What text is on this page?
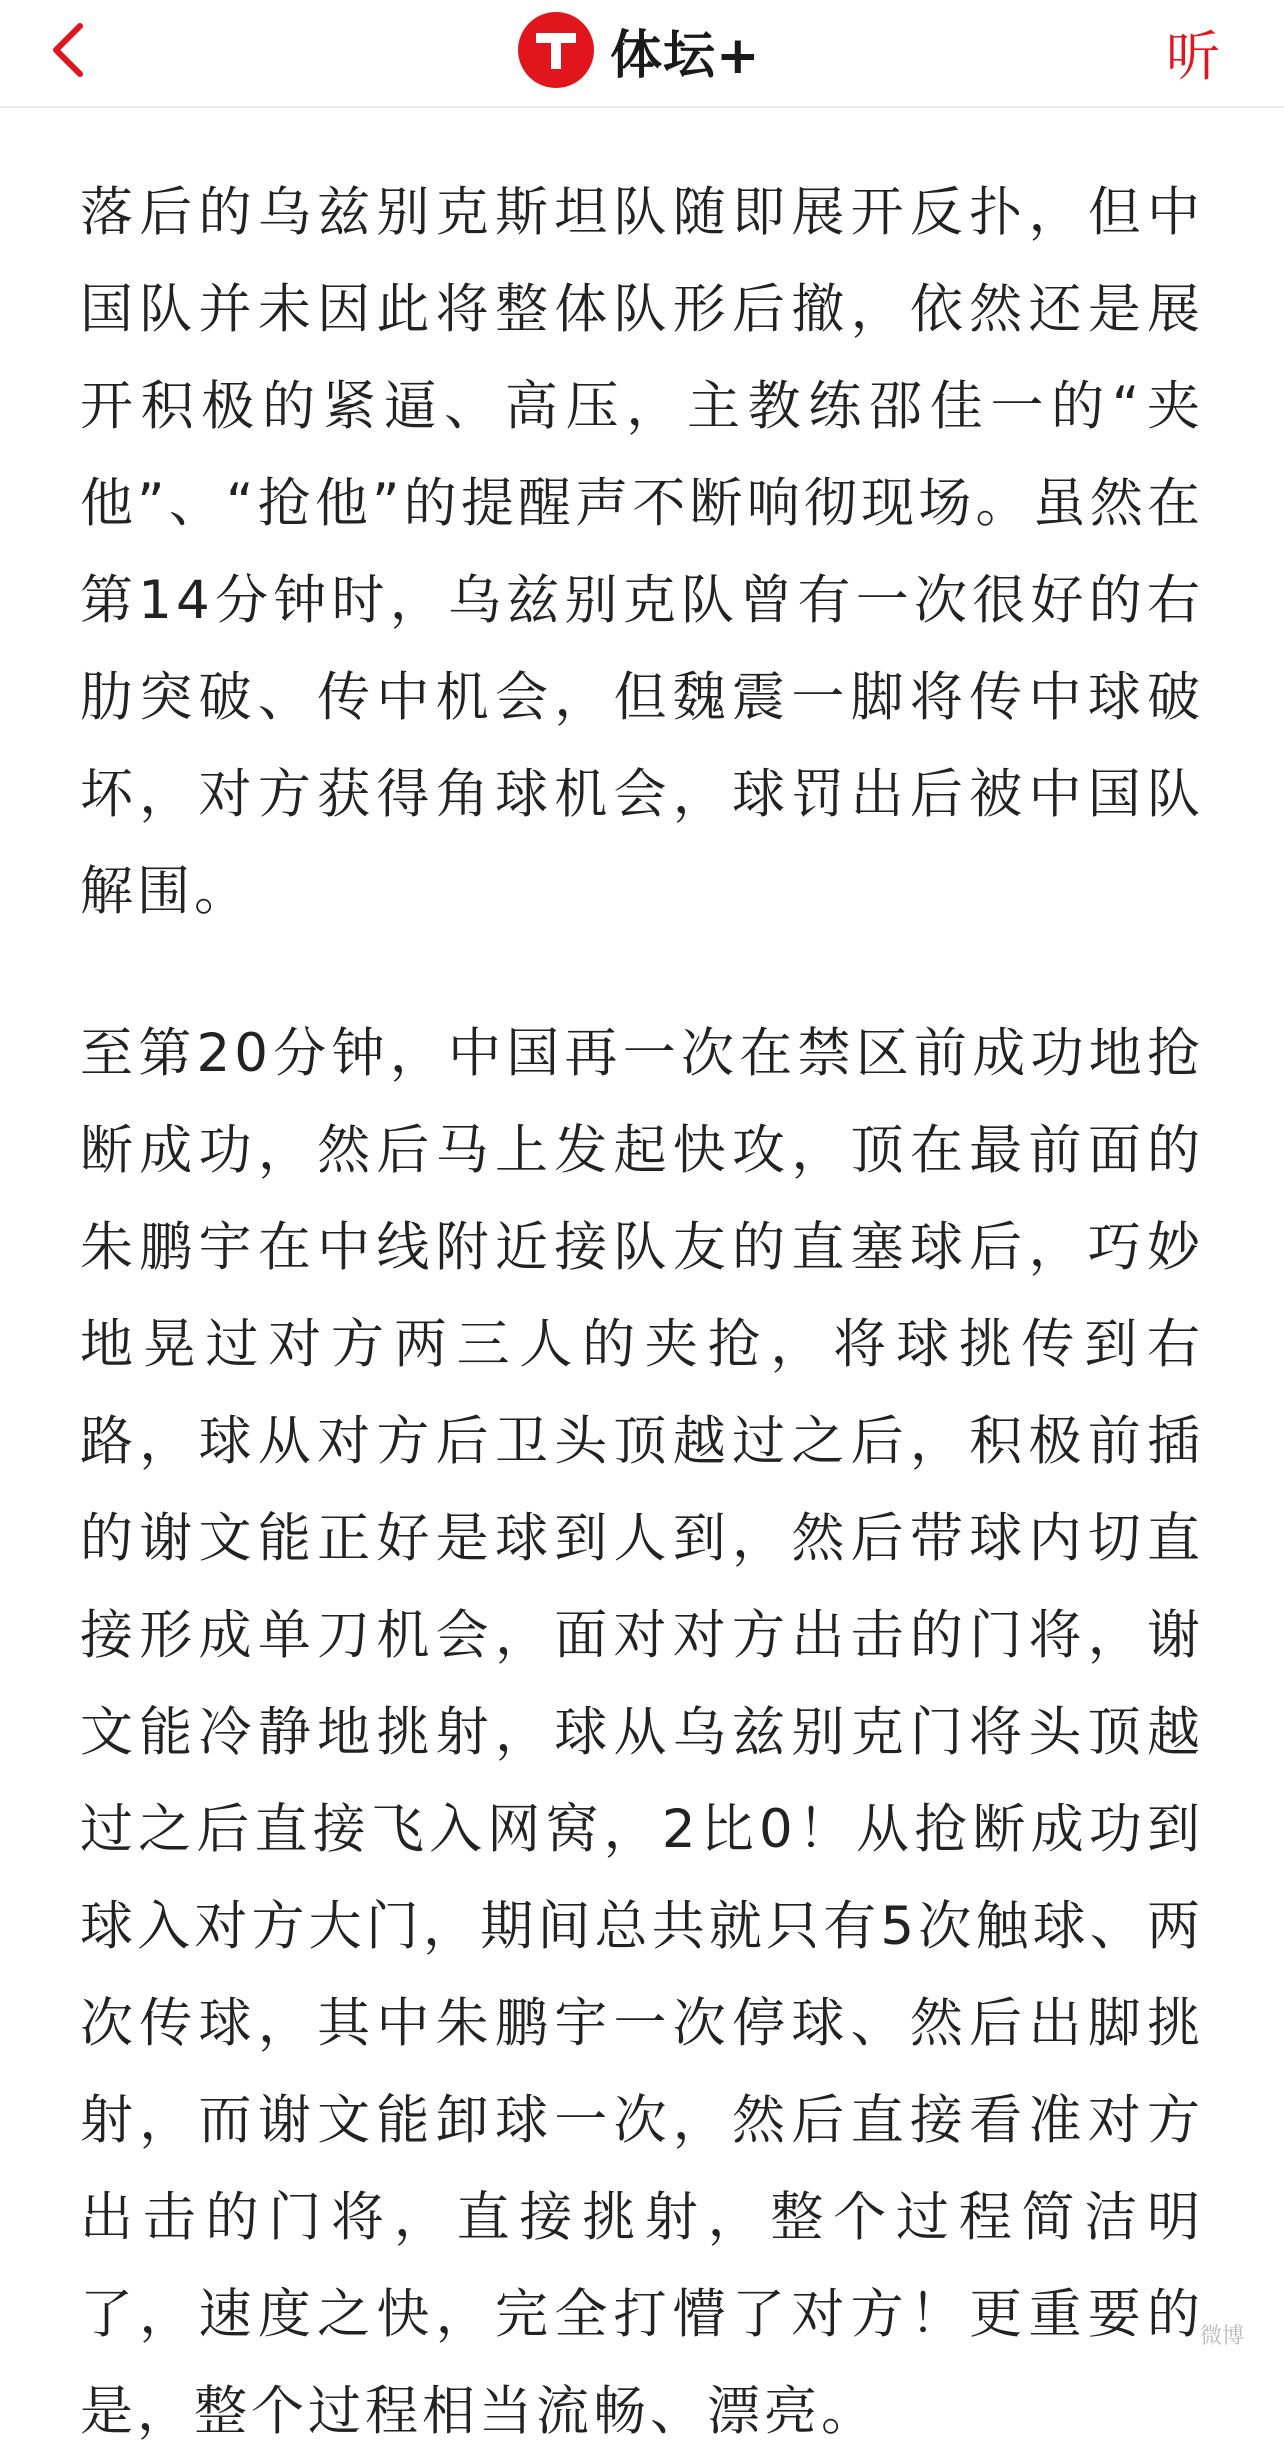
体坛+	听

落后的乌兹别克斯坦队随即展开反扑，但中国队并未因此将整体队形后撤，依然还是展开积极的紧逼、高压，主教练邵佳一的“夹他”、“抢他”的提醒声不断响彻现场。虽然在第14分钟时，乌兹别克队曾有一次很好的右肋突破、传中机会，但魏震一脚将传中球破坏，对方获得角球机会，球罚出后被中国队解围。

至第20分钟，中国再一次在禁区前成功地抢断成功，然后马上发起快攻，顶在最前面的朱鹏宇在中线附近接队友的直塞球后，巧妙地晃过对方两三人的夹抢，将球挑传到右路，球从对方后卫头顶越过之后，积极前插的谢文能正好是球到人到，然后带球内切直接形成单刀机会，面对对方出击的门将，谢文能冷静地挑射，球从乌兹别克门将头顶越过之后直接飞入网窝，2比0！从抢断成功到球入对方大门，期间总共就只有5次触球、两次传球，其中朱鹏宇一次停球、然后出脚挑射，而谢文能卸球一次，然后直接看准对方出击的门将，直接挑射，整个过程简洁明了，速度之快，完全打懵了对方！更重要的是，整个过程相当流畅、漂亮。

微博
